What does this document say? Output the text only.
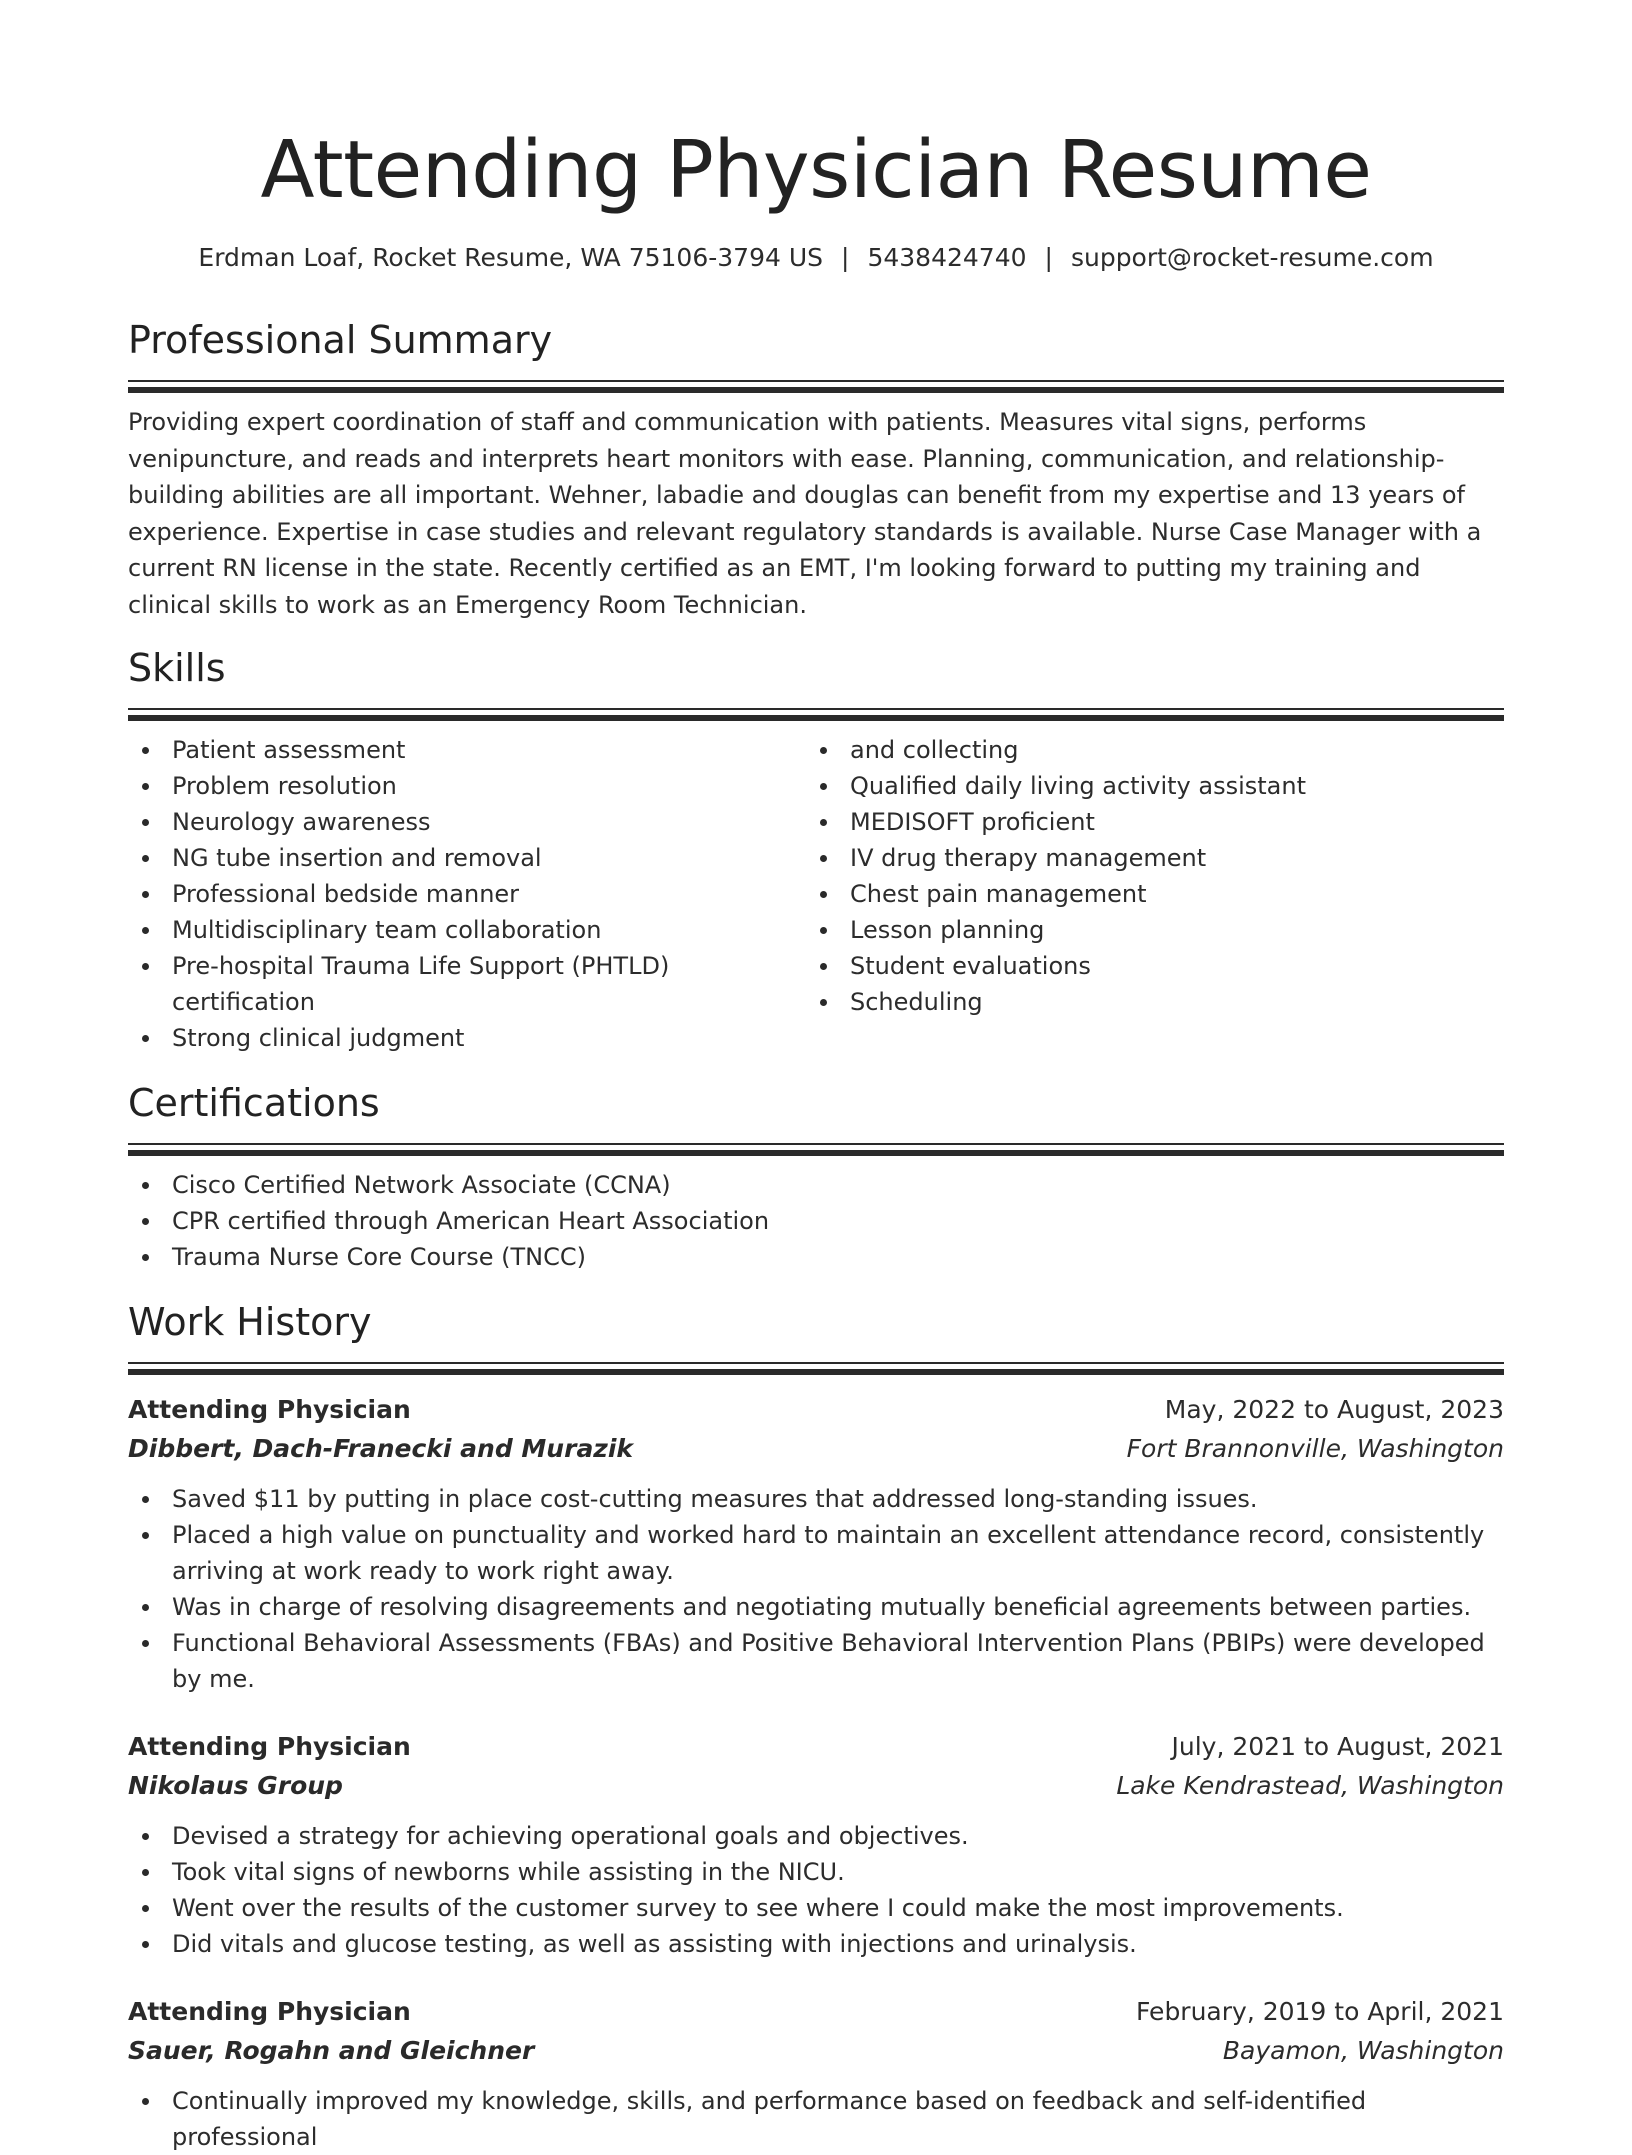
Attending Physician Resume
Erdman Loaf, Rocket Resume, WA 75106-3794 US | 5438424740 | support@rocket-resume.com
Professional Summary

Providing expert coordination of staff and communication with patients. Measures vital signs, performs venipuncture, and reads and interprets heart monitors with ease. Planning, communication, and relationship-building abilities are all important. Wehner, labadie and douglas can benefit from my expertise and 13 years of experience. Expertise in case studies and relevant regulatory standards is available. Nurse Case Manager with a current RN license in the state. Recently certified as an EMT, I'm looking forward to putting my training and clinical skills to work as an Emergency Room Technician.

Skills
Patient assessment
Problem resolution
Neurology awareness
NG tube insertion and removal
Professional bedside manner
Multidisciplinary team collaboration
Pre-hospital Trauma Life Support (PHTLD) certification
Strong clinical judgment
and collecting
Qualified daily living activity assistant
MEDISOFT proficient
IV drug therapy management
Chest pain management
Lesson planning
Student evaluations
Scheduling
Certifications
Cisco Certified Network Associate (CCNA)
CPR certified through American Heart Association
Trauma Nurse Core Course (TNCC)
Work History
Attending Physician	May, 2022 to August, 2023
Dibbert, Dach-Franecki and Murazik	Fort Brannonville, Washington
Saved $11 by putting in place cost-cutting measures that addressed long-standing issues.
Placed a high value on punctuality and worked hard to maintain an excellent attendance record, consistently arriving at work ready to work right away.
Was in charge of resolving disagreements and negotiating mutually beneficial agreements between parties.
Functional Behavioral Assessments (FBAs) and Positive Behavioral Intervention Plans (PBIPs) were developed by me.
Attending Physician	July, 2021 to August, 2021
Nikolaus Group	Lake Kendrastead, Washington
Devised a strategy for achieving operational goals and objectives.
Took vital signs of newborns while assisting in the NICU.
Went over the results of the customer survey to see where I could make the most improvements.
Did vitals and glucose testing, as well as assisting with injections and urinalysis.
Attending Physician	February, 2019 to April, 2021
Sauer, Rogahn and Gleichner	Bayamon, Washington
Continually improved my knowledge, skills, and performance based on feedback and self-identified professional
